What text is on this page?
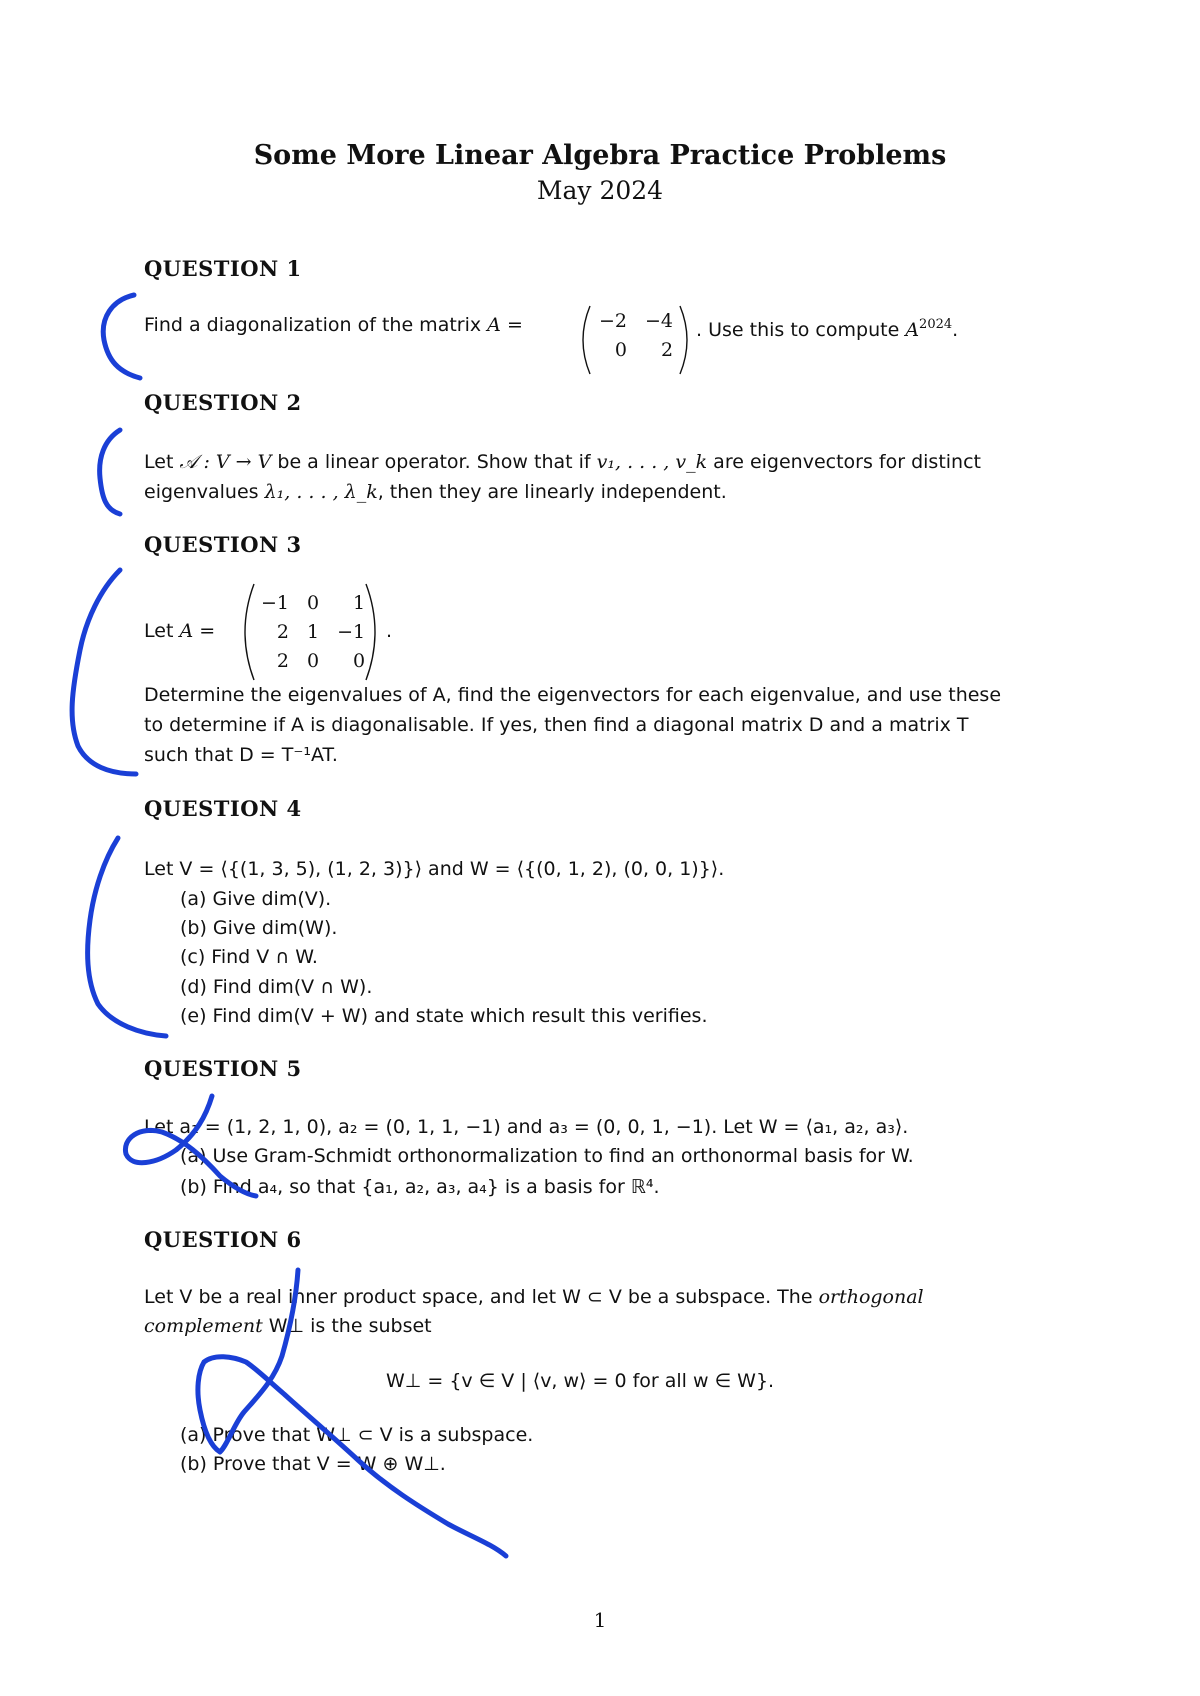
Some More Linear Algebra Practice Problems
May 2024
QUESTION 1
Find a diagonalization of the matrix A =	−2	−4
0	2
. Use this to compute $A^{2024}$.
QUESTION 2
Let 𝒜 : V → V be a linear operator. Show that if v₁, . . . , v_k are eigenvectors for distinct
eigenvalues λ₁, . . . , λ_k, then they are linearly independent.
QUESTION 3
Let A =
−1	0	1
2	1	−1
2	0	0
.
Determine the eigenvalues of A, find the eigenvectors for each eigenvalue, and use these
to determine if A is diagonalisable. If yes, then find a diagonal matrix D and a matrix T
such that D = T⁻¹AT.
QUESTION 4
Let V = ⟨{(1, 3, 5), (1, 2, 3)}⟩ and W = ⟨{(0, 1, 2), (0, 0, 1)}⟩.
(a) Give dim(V).
(b) Give dim(W).
(c) Find V ∩ W.
(d) Find dim(V ∩ W).
(e) Find dim(V + W) and state which result this verifies.
QUESTION 5
Let a₁ = (1, 2, 1, 0), a₂ = (0, 1, 1, −1) and a₃ = (0, 0, 1, −1). Let W = ⟨a₁, a₂, a₃⟩.
(a) Use Gram-Schmidt orthonormalization to find an orthonormal basis for W.
(b) Find a₄, so that {a₁, a₂, a₃, a₄} is a basis for ℝ⁴.
QUESTION 6
Let V be a real inner product space, and let W ⊂ V be a subspace. The orthogonal
complement W⊥ is the subset
W⊥ = {v ∈ V | ⟨v, w⟩ = 0 for all w ∈ W}.
(a) Prove that W⊥ ⊂ V is a subspace.
(b) Prove that V = W ⊕ W⊥.
1
